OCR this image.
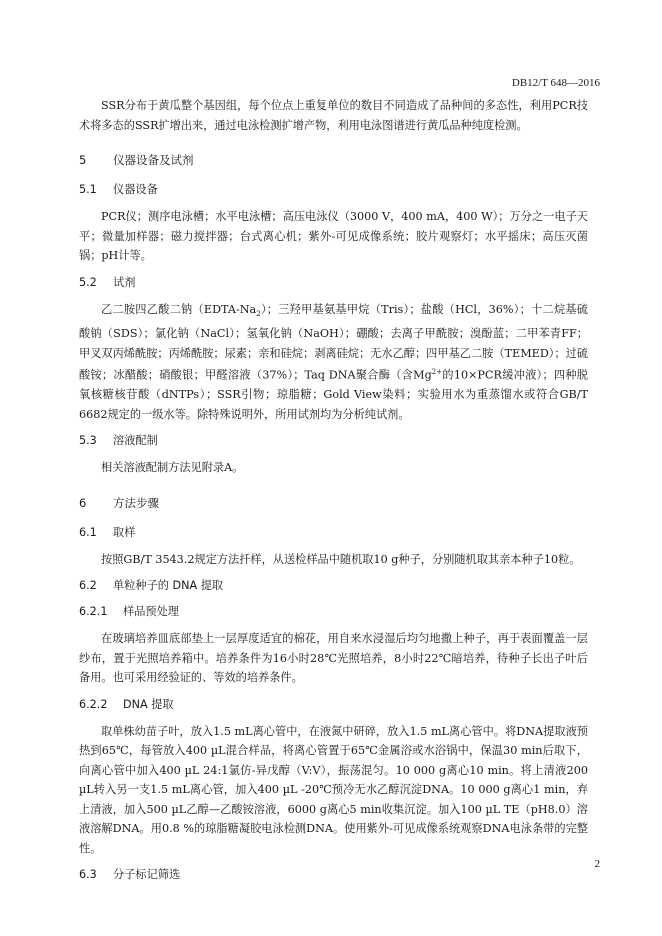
DB12/T 648—2016

SSR分布于黄瓜整个基因组，每个位点上重复单位的数目不同造成了品种间的多态性，利用PCR技术将多态的SSR扩增出来，通过电泳检测扩增产物，利用电泳图谱进行黄瓜品种纯度检测。

5 仪器设备及试剂
5.1 仪器设备

PCR仪；测序电泳槽；水平电泳槽；高压电泳仪（3000 V，400 mA，400 W）；万分之一电子天平；微量加样器；磁力搅拌器；台式离心机；紫外-可见成像系统；胶片观察灯；水平摇床；高压灭菌锅；pH计等。

5.2 试剂

乙二胺四乙酸二钠$(EDTA-Na_2)$；三羟甲基氨基甲烷（Tris）；盐酸（HCl，36%）；十二烷基硫酸钠（SDS）；氯化钠（NaCl）；氢氧化钠（NaOH）；硼酸；去离子甲酰胺；溴酚蓝；二甲苯青FF；甲叉双丙烯酰胺；丙烯酰胺；尿素；亲和硅烷；剥离硅烷；无水乙醇；四甲基乙二胺（TEMED）；过硫酸铵；冰醋酸；硝酸银；甲醛溶液（37%）；Taq DNA聚合酶（含$Mg^{2+}$的10×PCR缓冲液）；四种脱氧核糖核苷酸（dNTPs）；SSR引物；琼脂糖；Gold View染料；实验用水为重蒸馏水或符合GB/T 6682规定的一级水等。除特殊说明外，所用试剂均为分析纯试剂。

5.3 溶液配制

相关溶液配制方法见附录A。

6 方法步骤
6.1 取样

按照GB/T 3543.2规定方法扦样，从送检样品中随机取10 g种子，分别随机取其亲本种子10粒。

6.2 单粒种子的 DNA 提取
6.2.1 样品预处理

在玻璃培养皿底部垫上一层厚度适宜的棉花，用自来水浸湿后均匀地撒上种子，再于表面覆盖一层纱布，置于光照培养箱中。培养条件为16小时28℃光照培养，8小时22℃暗培养，待种子长出子叶后备用。也可采用经验证的、等效的培养条件。

6.2.2 DNA 提取

取单株幼苗子叶，放入1.5 mL离心管中，在液氮中研碎，放入1.5 mL离心管中。将DNA提取液预热到65℃，每管放入400 µL混合样品，将离心管置于65℃金属浴或水浴锅中，保温30 min后取下，向离心管中加入400 µL 24:1氯仿-异戊醇（V:V），振荡混匀。10 000 g离心10 min。将上清液200 µL转入另一支1.5 mL离心管，加入400 µL -20℃预冷无水乙醇沉淀DNA。10 000 g离心1 min，弃上清液，加入500 µL乙醇—乙酸铵溶液，6000 g离心5 min收集沉淀。加入100 µL TE（pH8.0）溶液溶解DNA。用0.8 %的琼脂糖凝胶电泳检测DNA。使用紫外-可见成像系统观察DNA电泳条带的完整性。

6.3 分子标记筛选
2
